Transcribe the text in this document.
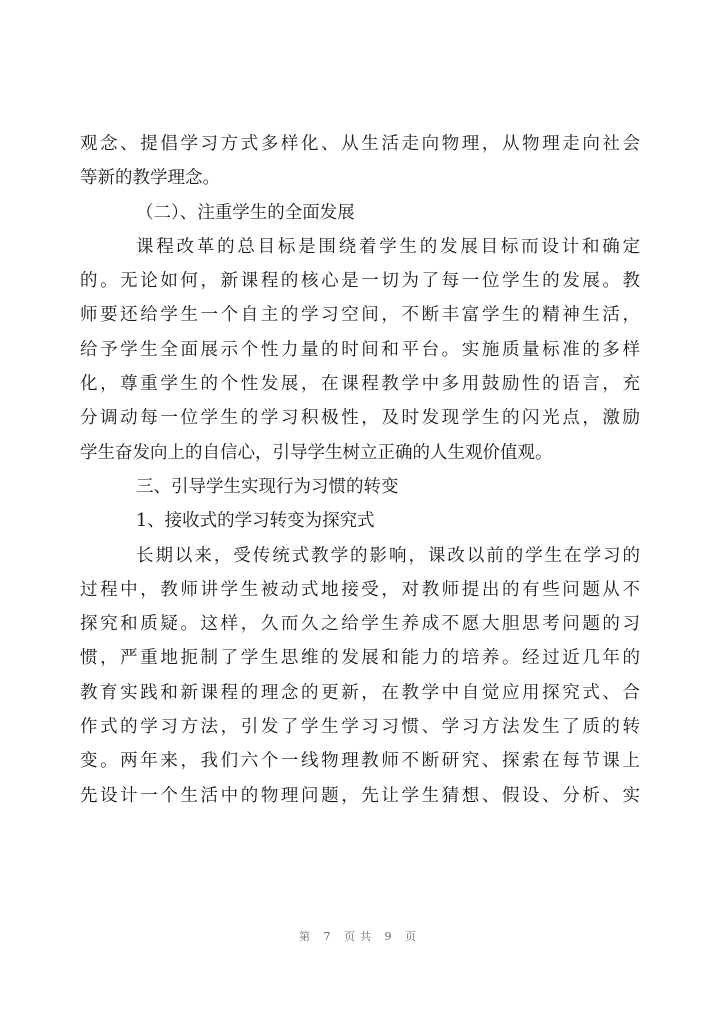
观念、提倡学习方式多样化、从生活走向物理，从物理走向社会
等新的教学理念。
（二）、注重学生的全面发展
课程改革的总目标是围绕着学生的发展目标而设计和确定
的。无论如何，新课程的核心是一切为了每一位学生的发展。教
师要还给学生一个自主的学习空间，不断丰富学生的精神生活，
给予学生全面展示个性力量的时间和平台。实施质量标准的多样
化，尊重学生的个性发展，在课程教学中多用鼓励性的语言，充
分调动每一位学生的学习积极性，及时发现学生的闪光点，激励
学生奋发向上的自信心，引导学生树立正确的人生观价值观。
三、引导学生实现行为习惯的转变
1、接收式的学习转变为探究式
长期以来，受传统式教学的影响，课改以前的学生在学习的
过程中，教师讲学生被动式地接受，对教师提出的有些问题从不
探究和质疑。这样，久而久之给学生养成不愿大胆思考问题的习
惯，严重地扼制了学生思维的发展和能力的培养。经过近几年的
教育实践和新课程的理念的更新，在教学中自觉应用探究式、合
作式的学习方法，引发了学生学习习惯、学习方法发生了质的转
变。两年来，我们六个一线物理教师不断研究、探索在每节课上
先设计一个生活中的物理问题，先让学生猜想、假设、分析、实
第 7 页共 9 页
